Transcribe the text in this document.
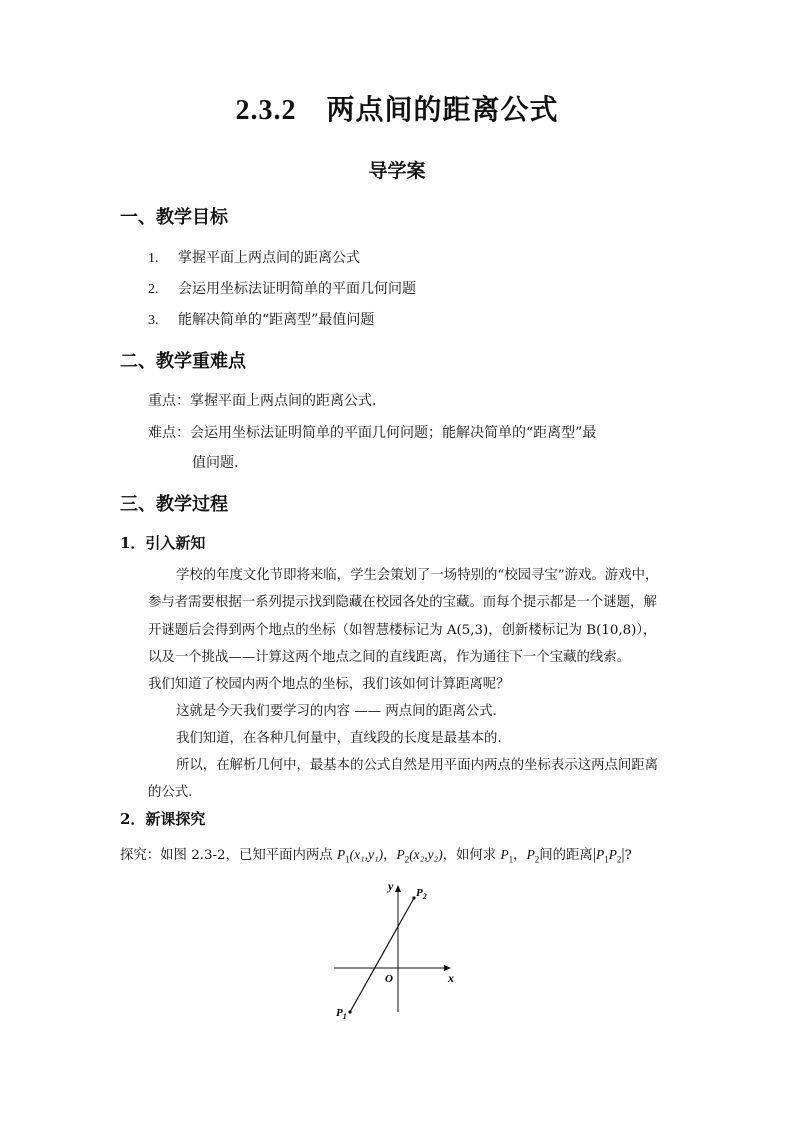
2.3.2 两点间的距离公式
导学案
一、教学目标
1. 掌握平面上两点间的距离公式
2. 会运用坐标法证明简单的平面几何问题
3. 能解决简单的“距离型”最值问题
二、教学重难点
重点：掌握平面上两点间的距离公式．
难点：会运用坐标法证明简单的平面几何问题；能解决简单的“距离型”最
值问题.
三、教学过程
1．引入新知
学校的年度文化节即将来临，学生会策划了一场特别的“校园寻宝”游戏。游戏中，
参与者需要根据一系列提示找到隐藏在校园各处的宝藏。而每个提示都是一个谜题，解
开谜题后会得到两个地点的坐标（如智慧楼标记为 A(5,3)，创新楼标记为 B(10,8)），
以及一个挑战——计算这两个地点之间的直线距离，作为通往下一个宝藏的线索。
我们知道了校园内两个地点的坐标，我们该如何计算距离呢？
这就是今天我们要学习的内容 —— 两点间的距离公式.
我们知道，在各种几何量中，直线段的长度是最基本的.
所以，在解析几何中，最基本的公式自然是用平面内两点的坐标表示这两点间距离
的公式.
2．新课探究
探究：如图 2.3-2，已知平面内两点 $P_1(x_1,y_1)$，$P_2(x_2,y_2)$，如何求 $P_1$，$P_2$间的距离$|P_1P_2|$?
x
y
O
$P_2$
$P_1$
